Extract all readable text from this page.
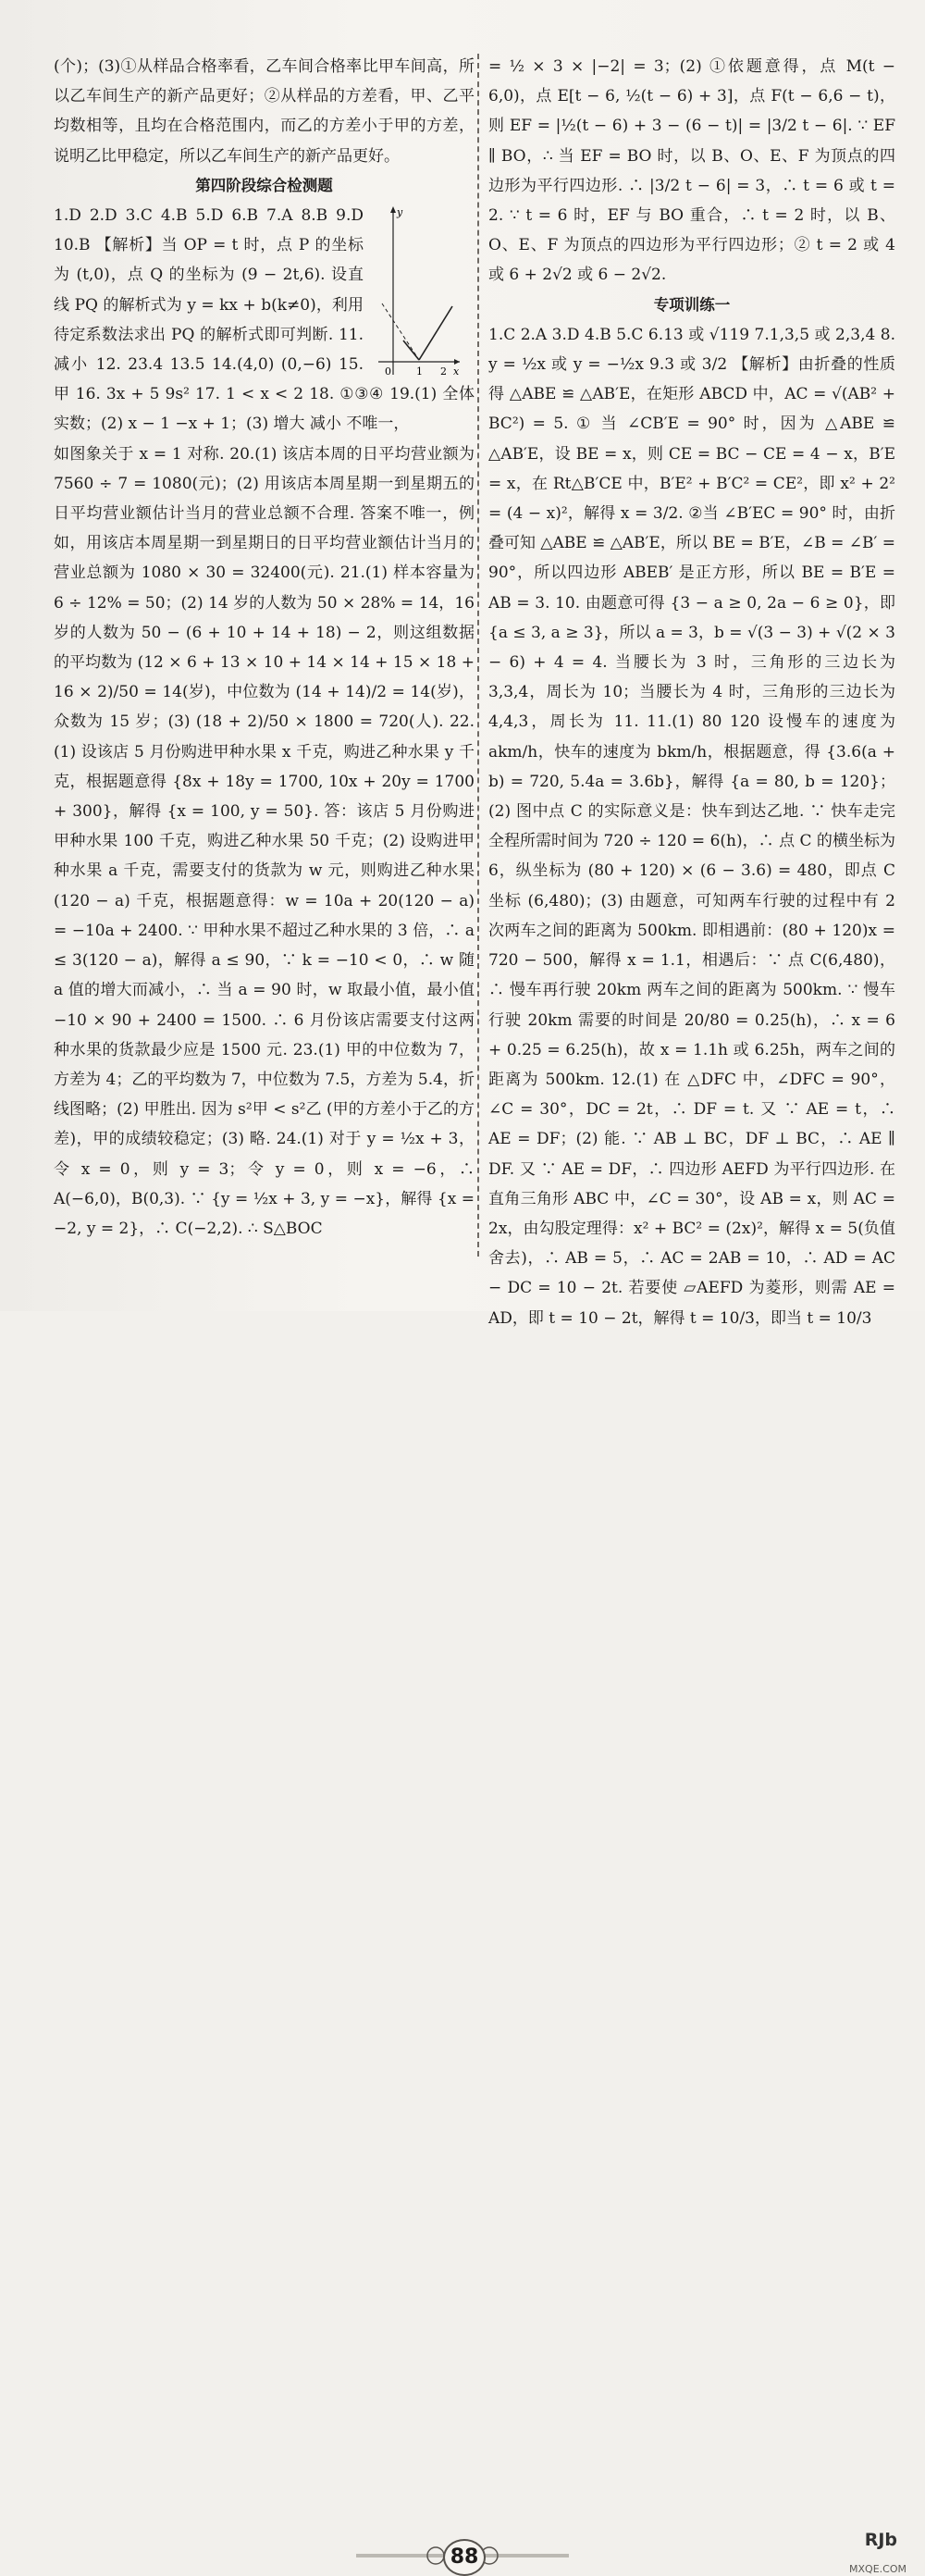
(个)；(3)①从样品合格率看，乙车间合格率比甲车间高，所以乙车间生产的新产品更好；②从样品的方差看，甲、乙平均数相等，且均在合格范围内，而乙的方差小于甲的方差，说明乙比甲稳定，所以乙车间生产的新产品更好。

第四阶段综合检测题

y
x
0 1 2

1.D 2.D 3.C 4.B 5.D 6.B 7.A 8.B 9.D 10.B 【解析】当 OP = t 时，点 P 的坐标为 (t,0)，点 Q 的坐标为 (9 − 2t,6). 设直线 PQ 的解析式为 y = kx + b(k≠0)，利用待定系数法求出 PQ 的解析式即可判断. 11. 减小 12. 23.4 13.5 14.(4,0) (0,−6) 15. 甲 16. 3x + 5 9s² 17. 1 < x < 2 18. ①③④ 19.(1) 全体实数；(2) x − 1 −x + 1；(3) 增大 减小 不唯一，

如图象关于 x = 1 对称. 20.(1) 该店本周的日平均营业额为 7560 ÷ 7 = 1080(元)；(2) 用该店本周星期一到星期五的日平均营业额估计当月的营业总额不合理. 答案不唯一，例如，用该店本周星期一到星期日的日平均营业额估计当月的营业总额为 1080 × 30 = 32400(元). 21.(1) 样本容量为 6 ÷ 12% = 50；(2) 14 岁的人数为 50 × 28% = 14，16 岁的人数为 50 − (6 + 10 + 14 + 18) − 2，则这组数据的平均数为 (12 × 6 + 13 × 10 + 14 × 14 + 15 × 18 + 16 × 2)/50 = 14(岁)，中位数为 (14 + 14)/2 = 14(岁)，众数为 15 岁；(3) (18 + 2)/50 × 1800 = 720(人). 22.(1) 设该店 5 月份购进甲种水果 x 千克，购进乙种水果 y 千克，根据题意得 {8x + 18y = 1700, 10x + 20y = 1700 + 300}，解得 {x = 100, y = 50}. 答：该店 5 月份购进甲种水果 100 千克，购进乙种水果 50 千克；(2) 设购进甲种水果 a 千克，需要支付的货款为 w 元，则购进乙种水果 (120 − a) 千克，根据题意得：w = 10a + 20(120 − a) = −10a + 2400. ∵ 甲种水果不超过乙种水果的 3 倍，∴ a ≤ 3(120 − a)，解得 a ≤ 90，∵ k = −10 < 0，∴ w 随 a 值的增大而减小，∴ 当 a = 90 时，w 取最小值，最小值 −10 × 90 + 2400 = 1500. ∴ 6 月份该店需要支付这两种水果的货款最少应是 1500 元. 23.(1) 甲的中位数为 7，方差为 4；乙的平均数为 7，中位数为 7.5，方差为 5.4，折线图略；(2) 甲胜出. 因为 s²甲 < s²乙 (甲的方差小于乙的方差)，甲的成绩较稳定；(3) 略. 24.(1) 对于 y = ½x + 3，令 x = 0，则 y = 3；令 y = 0，则 x = −6，∴ A(−6,0)，B(0,3). ∵ {y = ½x + 3, y = −x}，解得 {x = −2, y = 2}，∴ C(−2,2). ∴ S△BOC

= ½ × 3 × |−2| = 3；(2) ①依题意得，点 M(t − 6,0)，点 E[t − 6, ½(t − 6) + 3]，点 F(t − 6,6 − t)，则 EF = |½(t − 6) + 3 − (6 − t)| = |3/2 t − 6|. ∵ EF ∥ BO，∴ 当 EF = BO 时，以 B、O、E、F 为顶点的四边形为平行四边形. ∴ |3/2 t − 6| = 3，∴ t = 6 或 t = 2. ∵ t = 6 时，EF 与 BO 重合，∴ t = 2 时，以 B、O、E、F 为顶点的四边形为平行四边形；② t = 2 或 4 或 6 + 2√2 或 6 − 2√2.

专项训练一

1.C 2.A 3.D 4.B 5.C 6.13 或 √119 7.1,3,5 或 2,3,4 8. y = ½x 或 y = −½x 9.3 或 3/2 【解析】由折叠的性质得 △ABE ≌ △AB′E，在矩形 ABCD 中，AC = √(AB² + BC²) = 5. ① 当 ∠CB′E = 90° 时，因为 △ABE ≌ △AB′E，设 BE = x，则 CE = BC − CE = 4 − x，B′E = x，在 Rt△B′CE 中，B′E² + B′C² = CE²，即 x² + 2² = (4 − x)²，解得 x = 3/2. ②当 ∠B′EC = 90° 时，由折叠可知 △ABE ≌ △AB′E，所以 BE = B′E，∠B = ∠B′ = 90°，所以四边形 ABEB′ 是正方形，所以 BE = B′E = AB = 3. 10. 由题意可得 {3 − a ≥ 0, 2a − 6 ≥ 0}，即 {a ≤ 3, a ≥ 3}，所以 a = 3，b = √(3 − 3) + √(2 × 3 − 6) + 4 = 4. 当腰长为 3 时，三角形的三边长为 3,3,4，周长为 10；当腰长为 4 时，三角形的三边长为 4,4,3，周长为 11. 11.(1) 80 120 设慢车的速度为 akm/h，快车的速度为 bkm/h，根据题意，得 {3.6(a + b) = 720, 5.4a = 3.6b}，解得 {a = 80, b = 120}；(2) 图中点 C 的实际意义是：快车到达乙地. ∵ 快车走完全程所需时间为 720 ÷ 120 = 6(h)，∴ 点 C 的横坐标为 6，纵坐标为 (80 + 120) × (6 − 3.6) = 480，即点 C 坐标 (6,480)；(3) 由题意，可知两车行驶的过程中有 2 次两车之间的距离为 500km. 即相遇前：(80 + 120)x = 720 − 500，解得 x = 1.1，相遇后：∵ 点 C(6,480)，∴ 慢车再行驶 20km 两车之间的距离为 500km. ∵ 慢车行驶 20km 需要的时间是 20/80 = 0.25(h)，∴ x = 6 + 0.25 = 6.25(h)，故 x = 1.1h 或 6.25h，两车之间的距离为 500km. 12.(1) 在 △DFC 中，∠DFC = 90°，∠C = 30°，DC = 2t，∴ DF = t. 又 ∵ AE = t，∴ AE = DF；(2) 能. ∵ AB ⊥ BC，DF ⊥ BC，∴ AE ∥ DF. 又 ∵ AE = DF，∴ 四边形 AEFD 为平行四边形. 在直角三角形 ABC 中，∠C = 30°，设 AB = x，则 AC = 2x，由勾股定理得：x² + BC² = (2x)²，解得 x = 5(负值舍去)，∴ AB = 5，∴ AC = 2AB = 10，∴ AD = AC − DC = 10 − 2t. 若要使 ▱AEFD 为菱形，则需 AE = AD，即 t = 10 − 2t，解得 t = 10/3，即当 t = 10/3

88
RJb
MXQE.COM
